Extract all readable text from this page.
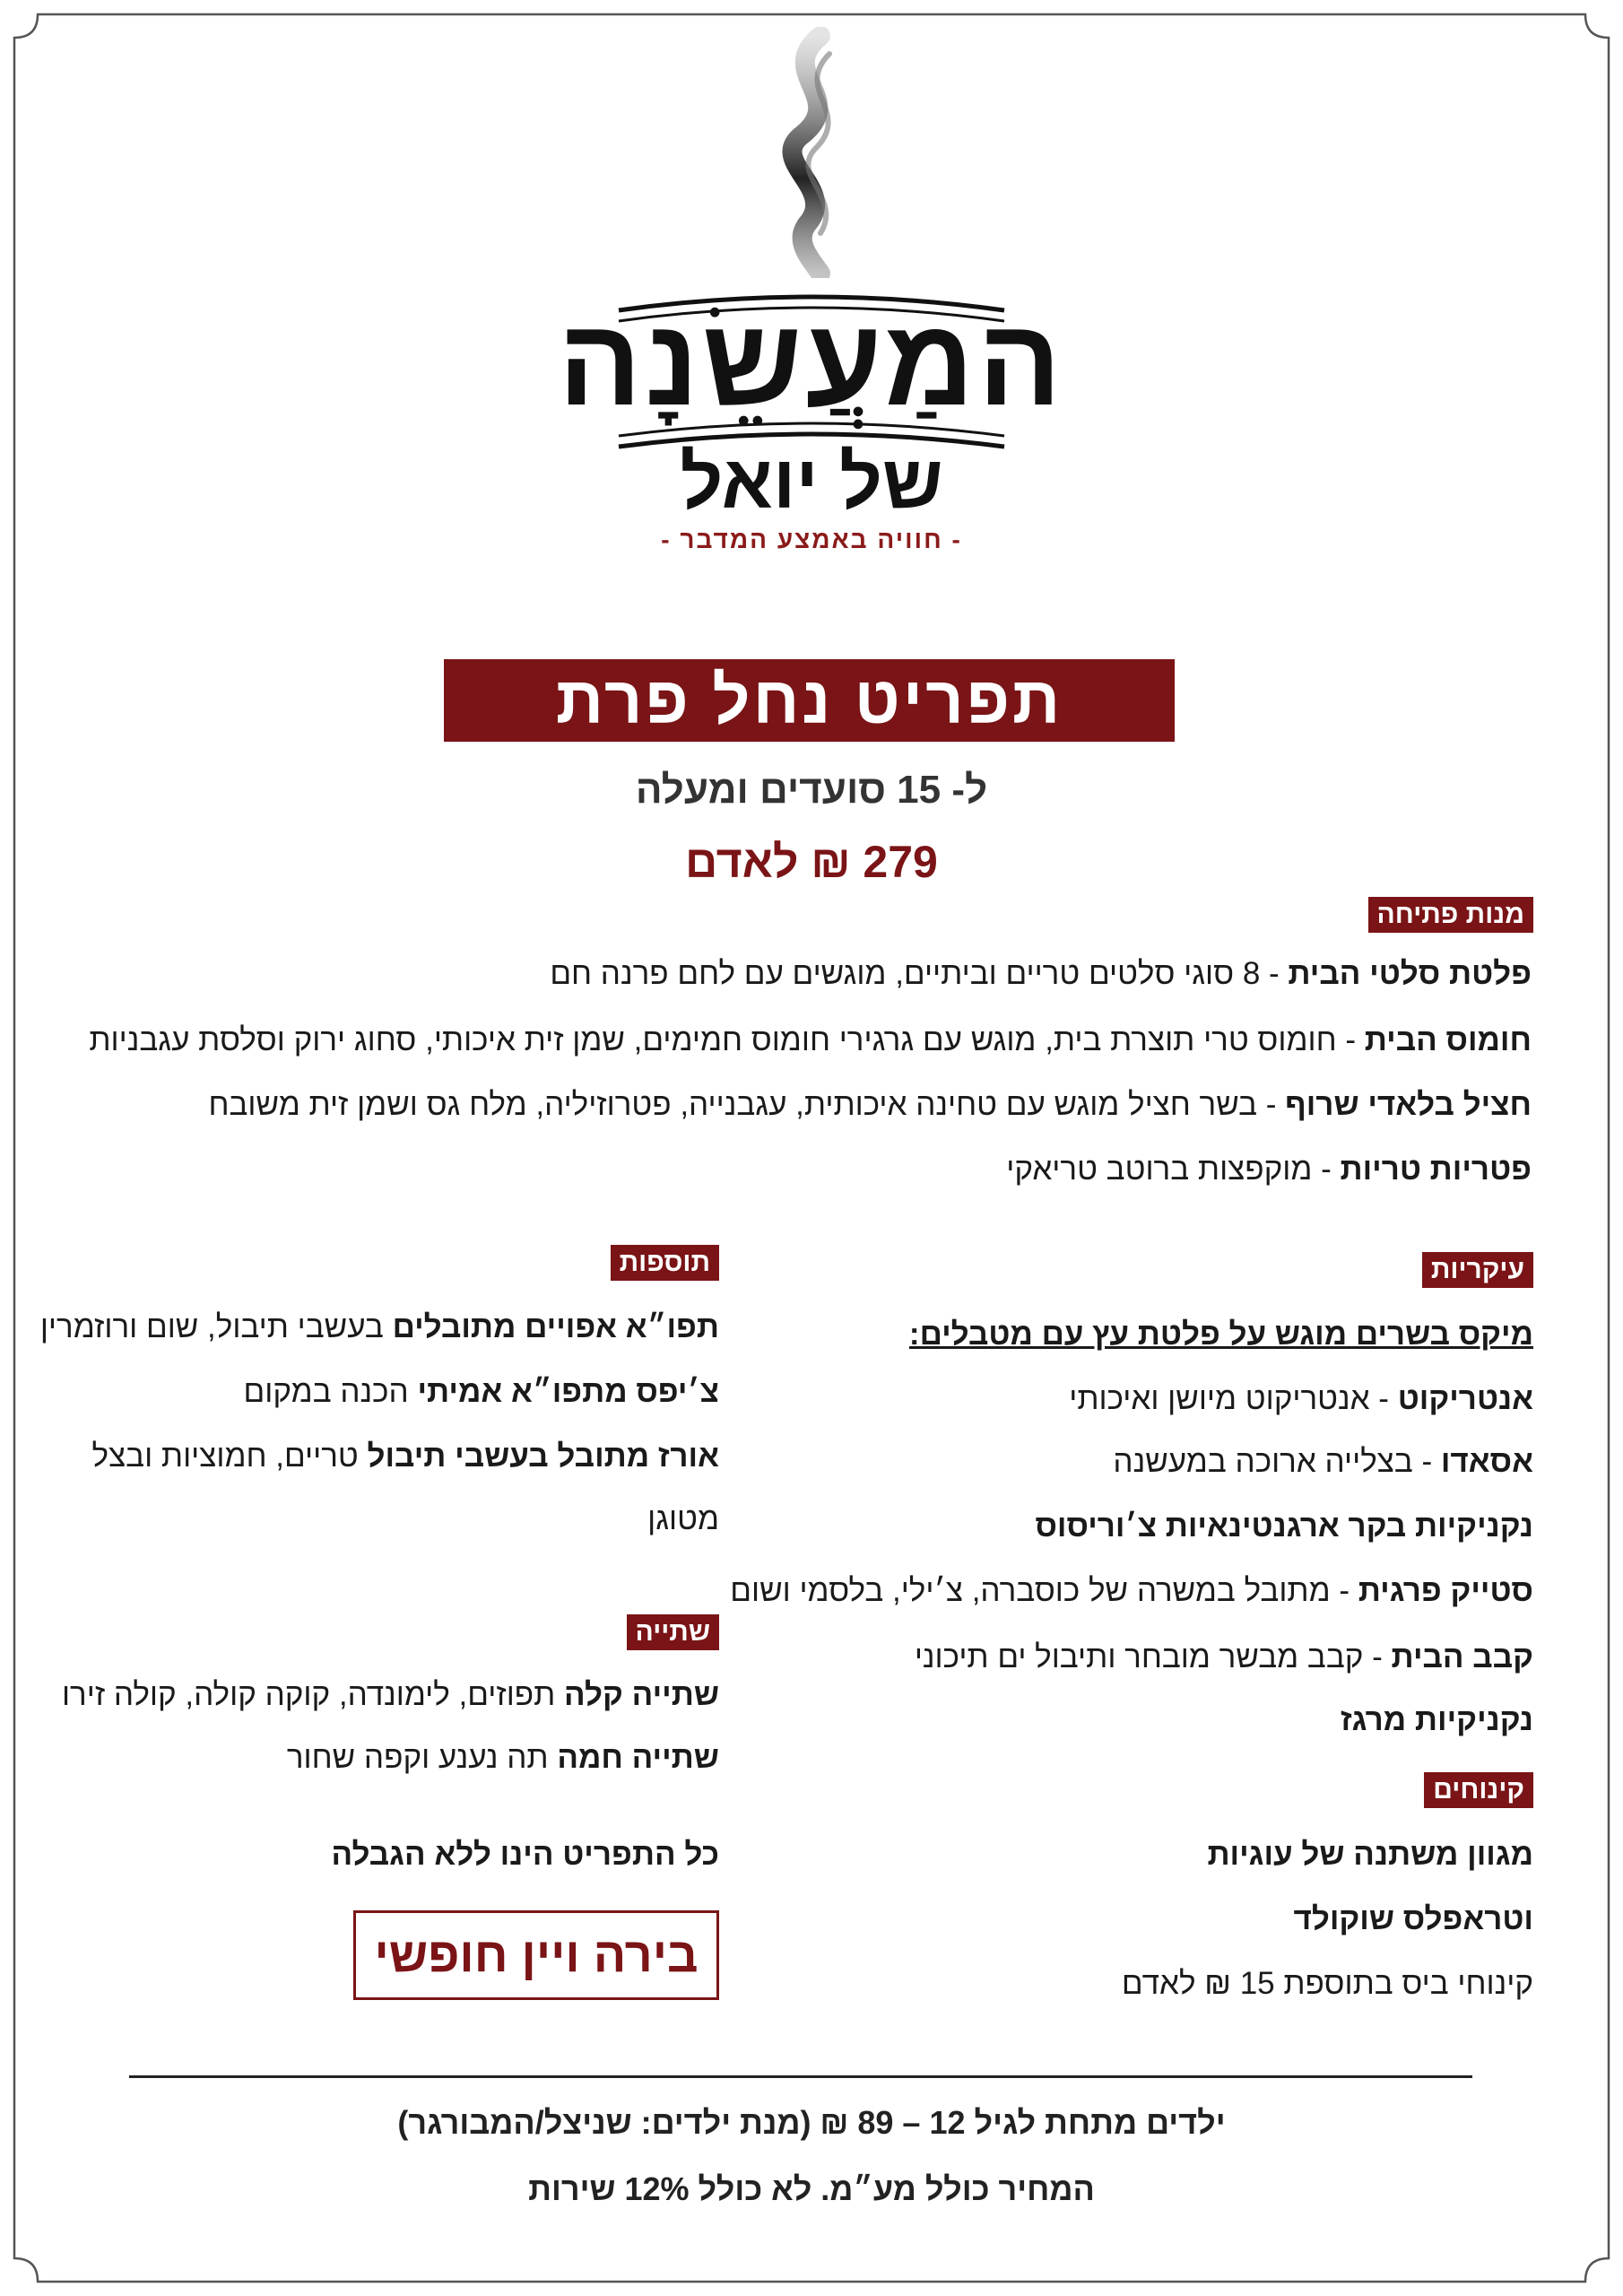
המַעֲשֵׂנָה
של יואל
- חוויה באמצע המדבר -
תפריט נחל פרת
ל- 15 סועדים ומעלה
279 ₪ לאדם
מנות פתיחה
פלטת סלטי הבית - 8 סוגי סלטים טריים וביתיים, מוגשים עם לחם פרנה חם
חומוס הבית - חומוס טרי תוצרת בית, מוגש עם גרגירי חומוס חמימים, שמן זית איכותי, סחוג ירוק וסלסת עגבניות
חציל בלאדי שרוף - בשר חציל מוגש עם טחינה איכותית, עגבנייה, פטרוזיליה, מלח גס ושמן זית משובח
פטריות טריות - מוקפצות ברוטב טריאקי
עיקריות
מיקס בשרים מוגש על פלטת עץ עם מטבלים:
אנטריקוט - אנטריקוט מיושן ואיכותי
אסאדו - בצלייה ארוכה במעשנה
נקניקיות בקר ארגנטינאיות צ׳וריסוס
סטייק פרגית - מתובל במשרה של כוסברה, צ׳ילי, בלסמי ושום
קבב הבית - קבב מבשר מובחר ותיבול ים תיכוני
נקניקיות מרגז
קינוחים
מגוון משתנה של עוגיות
וטראפלס שוקולד
קינוחי ביס בתוספת 15 ₪ לאדם
תוספות
תפו״א אפויים מתובלים בעשבי תיבול, שום ורוזמרין
צ׳יפס מתפו״א אמיתי הכנה במקום
אורז מתובל בעשבי תיבול טריים, חמוציות ובצל
מטוגן
שתייה
שתייה קלה תפוזים, לימונדה, קוקה קולה, קולה זירו
שתייה חמה תה נענע וקפה שחור
כל התפריט הינו ללא הגבלה
בירה ויין חופשי
ילדים מתחת לגיל 12 – 89 ₪ (מנת ילדים: שניצל/המבורגר)
המחיר כולל מע״מ. לא כולל 12% שירות
